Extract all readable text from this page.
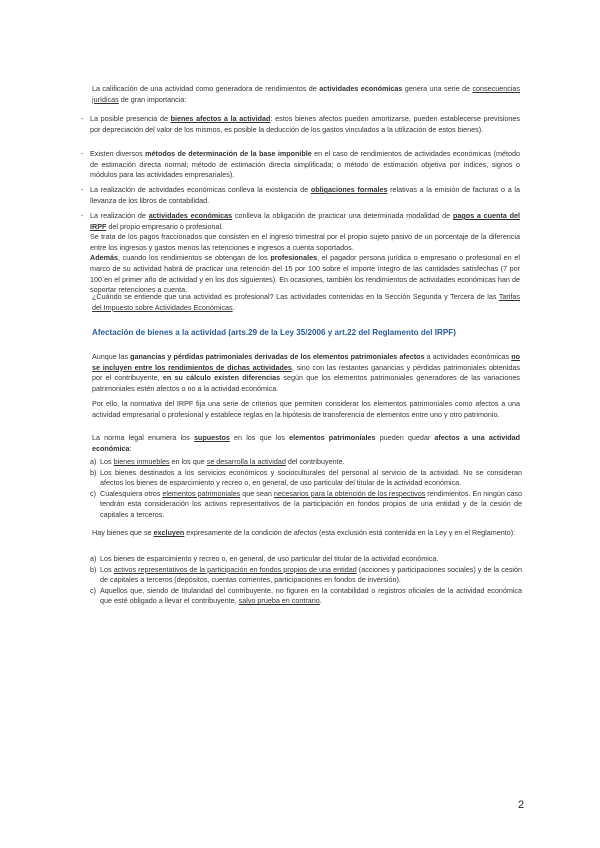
La calificación de una actividad como generadora de rendimientos de actividades económicas genera una serie de consecuencias jurídicas de gran importancia:

- La posible presencia de bienes afectos a la actividad: estos bienes afectos pueden amortizarse, pueden establecerse previsiones por depreciación del valor de los mismos, es posible la deducción de los gastos vinculados a la utilización de estos bienes).

- Existen diversos métodos de determinación de la base imponible en el caso de rendimientos de actividades económicas (método de estimación directa normal; método de estimación directa simplificada; o método de estimación objetiva por índices, signos o módulos para las actividades empresariales).

- La realización de actividades económicas conlleva la existencia de obligaciones formales relativas a la emisión de facturas o a la llevanza de los libros de contabilidad.

- La realización de actividades económicas conlleva la obligación de practicar una determinada modalidad de pagos a cuenta del IRPF del propio empresario o profesional.
Se trata de los pagos fraccionados que consisten en el ingreso trimestral por el propio sujeto pasivo de un porcentaje de la diferencia entre los ingresos y gastos menos las retenciones e ingresos a cuenta soportados.
Además, cuando los rendimientos se obtengan de los profesionales, el pagador persona jurídica o empresario o profesional en el marco de su actividad habrá de practicar una retención del 15 por 100 sobre el importe íntegro de las cantidades satisfechas (7 por 100 en el primer año de actividad y en los dos siguientes). En ocasiones, también los rendimientos de actividades económicas han de soportar retenciones a cuenta.

¿Cuándo se entiende que una actividad es profesional? Las actividades contenidas en la Sección Segunda y Tercera de las Tarifas del Impuesto sobre Actividades Económicas.

Afectación de bienes a la actividad (arts.29 de la Ley 35/2006 y art.22 del Reglamento del IRPF)

Aunque las ganancias y pérdidas patrimoniales derivadas de los elementos patrimoniales afectos a actividades económicas no se incluyen entre los rendimientos de dichas actividades, sino con las restantes ganancias y pérdidas patrimoniales obtenidas por el contribuyente, en su cálculo existen diferencias según que los elementos patrimoniales generadores de las variaciones patrimoniales estén afectos o no a la actividad económica.

Por ello, la normativa del IRPF fija una serie de criterios que permiten considerar los elementos patrimoniales como afectos a una actividad empresarial o profesional y establece reglas en la hipótesis de transferencia de elementos entre uno y otro patrimonio.

La norma legal enumera los supuestos en los que los elementos patrimoniales pueden quedar afectos a una actividad económica:

a) Los bienes inmuebles en los que se desarrolla la actividad del contribuyente.
b) Los bienes destinados a los servicios económicos y socioculturales del personal al servicio de la actividad. No se consideran afectos los bienes de esparcimiento y recreo o, en general, de uso particular del titular de la actividad económica.
c) Cualesquiera otros elementos patrimoniales que sean necesarios para la obtención de los respectivos rendimientos. En ningún caso tendrán esta consideración los activos representativos de la participación en fondos propios de una entidad y de la cesión de capitales a terceros.

Hay bienes que se excluyen expresamente de la condición de afectos (esta exclusión está contenida en la Ley y en el Reglamento):

a) Los bienes de esparcimiento y recreo o, en general, de uso particular del titular de la actividad económica.
b) Los activos representativos de la participación en fondos propios de una entidad (acciones y participaciones sociales) y de la cesión de capitales a terceros (depósitos, cuentas corrientes, participaciones en fondos de inversión).
c) Aquellos que, siendo de titularidad del contribuyente, no figuren en la contabilidad o registros oficiales de la actividad económica que esté obligado a llevar el contribuyente, salvo prueba en contrario.
2
